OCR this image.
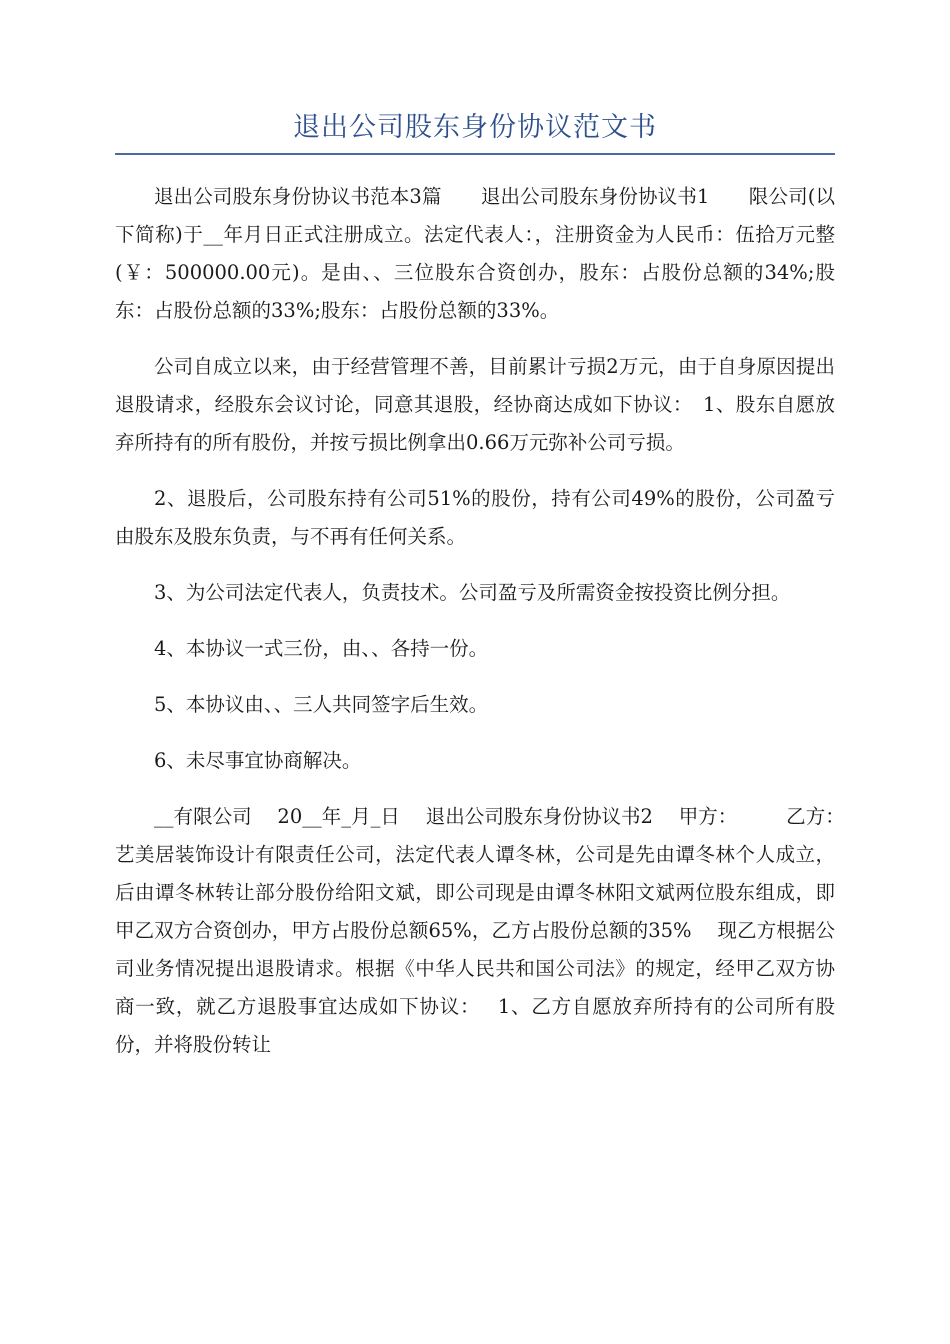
退出公司股东身份协议范文书

退出公司股东身份协议书范本3篇　　退出公司股东身份协议书1　　限公司(以下简称)于__年月日正式注册成立。法定代表人：，注册资金为人民币：伍拾万元整(￥：500000.00元)。是由、、三位股东合资创办，股东：占股份总额的34%;股东：占股份总额的33%;股东：占股份总额的33%。

公司自成立以来，由于经营管理不善，目前累计亏损2万元，由于自身原因提出退股请求，经股东会议讨论，同意其退股，经协商达成如下协议：　1、股东自愿放弃所持有的所有股份，并按亏损比例拿出0.66万元弥补公司亏损。

2、退股后，公司股东持有公司51%的股份，持有公司49%的股份，公司盈亏由股东及股东负责，与不再有任何关系。

3、为公司法定代表人，负责技术。公司盈亏及所需资金按投资比例分担。

4、本协议一式三份，由、、各持一份。

5、本协议由、、三人共同签字后生效。

6、未尽事宜协商解决。

__有限公司　 20__年_月_日　 退出公司股东身份协议书2　 甲方：　　　乙方：　 艺美居装饰设计有限责任公司，法定代表人谭冬林，公司是先由谭冬林个人成立，后由谭冬林转让部分股份给阳文斌，即公司现是由谭冬林阳文斌两位股东组成，即甲乙双方合资创办，甲方占股份总额65%，乙方占股份总额的35%　 现乙方根据公司业务情况提出退股请求。根据《中华人民共和国公司法》的规定，经甲乙双方协商一致，就乙方退股事宜达成如下协议：　 1、乙方自愿放弃所持有的公司所有股份，并将股份转让
